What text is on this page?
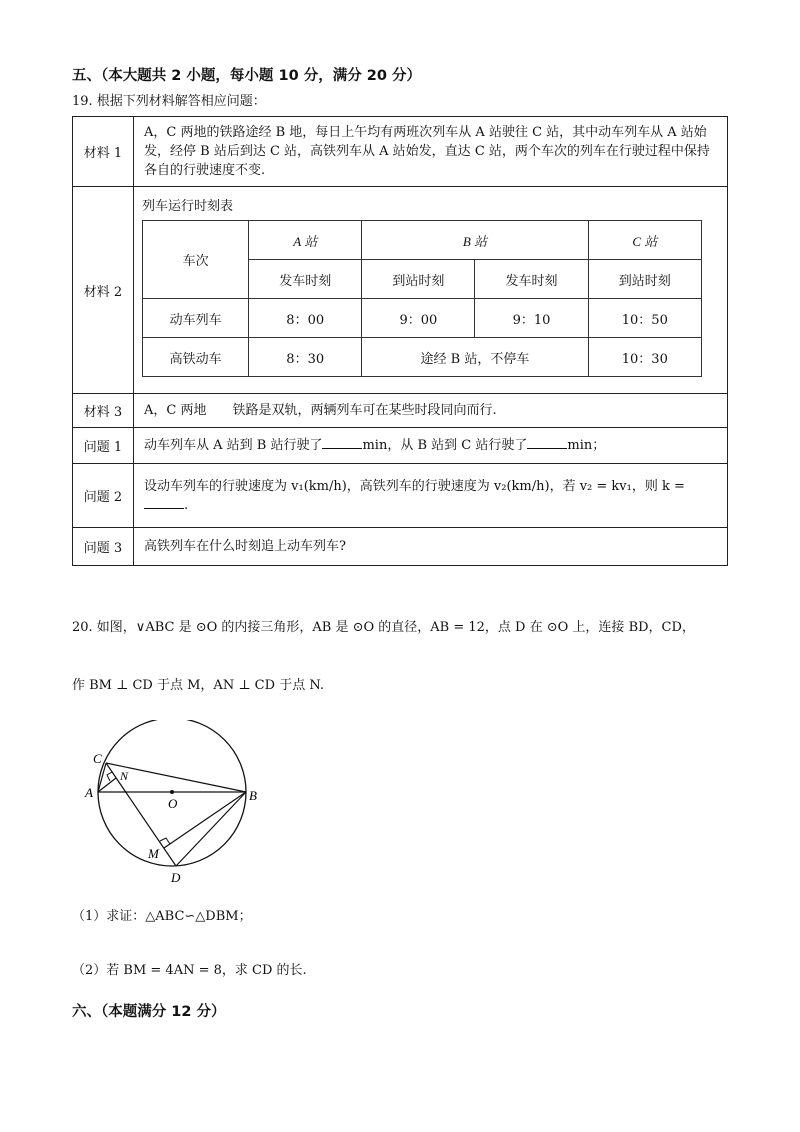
五、（本大题共 2 小题，每小题 10 分，满分 20 分）
19. 根据下列材料解答相应问题：
材料 1	A，C 两地的铁路途经 B 地，每日上午均有两班次列车从 A 站驶往 C 站，其中动车列车从 A 站始发，经停 B 站后到达 C 站，高铁列车从 A 站始发，直达 C 站，两个车次的列车在行驶过程中保持各自的行驶速度不变.
材料 2	
列车运行时刻表
车次	A 站	B 站	C 站
发车时刻	到站时刻	发车时刻	到站时刻
动车列车	8：00	9：00	9：10	10：50
高铁动车	8：30	途经 B 站，不停车	10：30

材料 3	A，C 两地　　铁路是双轨，两辆列车可在某些时段同向而行.
问题 1	动车列车从 A 站到 B 站行驶了	min，从 B 站到 C 站行驶了	min；
问题 2	设动车列车的行驶速度为 v₁(km/h)，高铁列车的行驶速度为 v₂(km/h)，若 v₂ = kv₁，则 k =
.
问题 3	高铁列车在什么时刻追上动车列车?
20. 如图，∨ABC 是 ⊙O 的内接三角形，AB 是 ⊙O 的直径，AB = 12，点 D 在 ⊙O 上，连接 BD，CD，
作 BM ⊥ CD 于点 M，AN ⊥ CD 于点 N.
C
N
A
O
B
M
D
（1）求证：△ABC∽△DBM；
（2）若 BM = 4AN = 8，求 CD 的长.
六、（本题满分 12 分）
